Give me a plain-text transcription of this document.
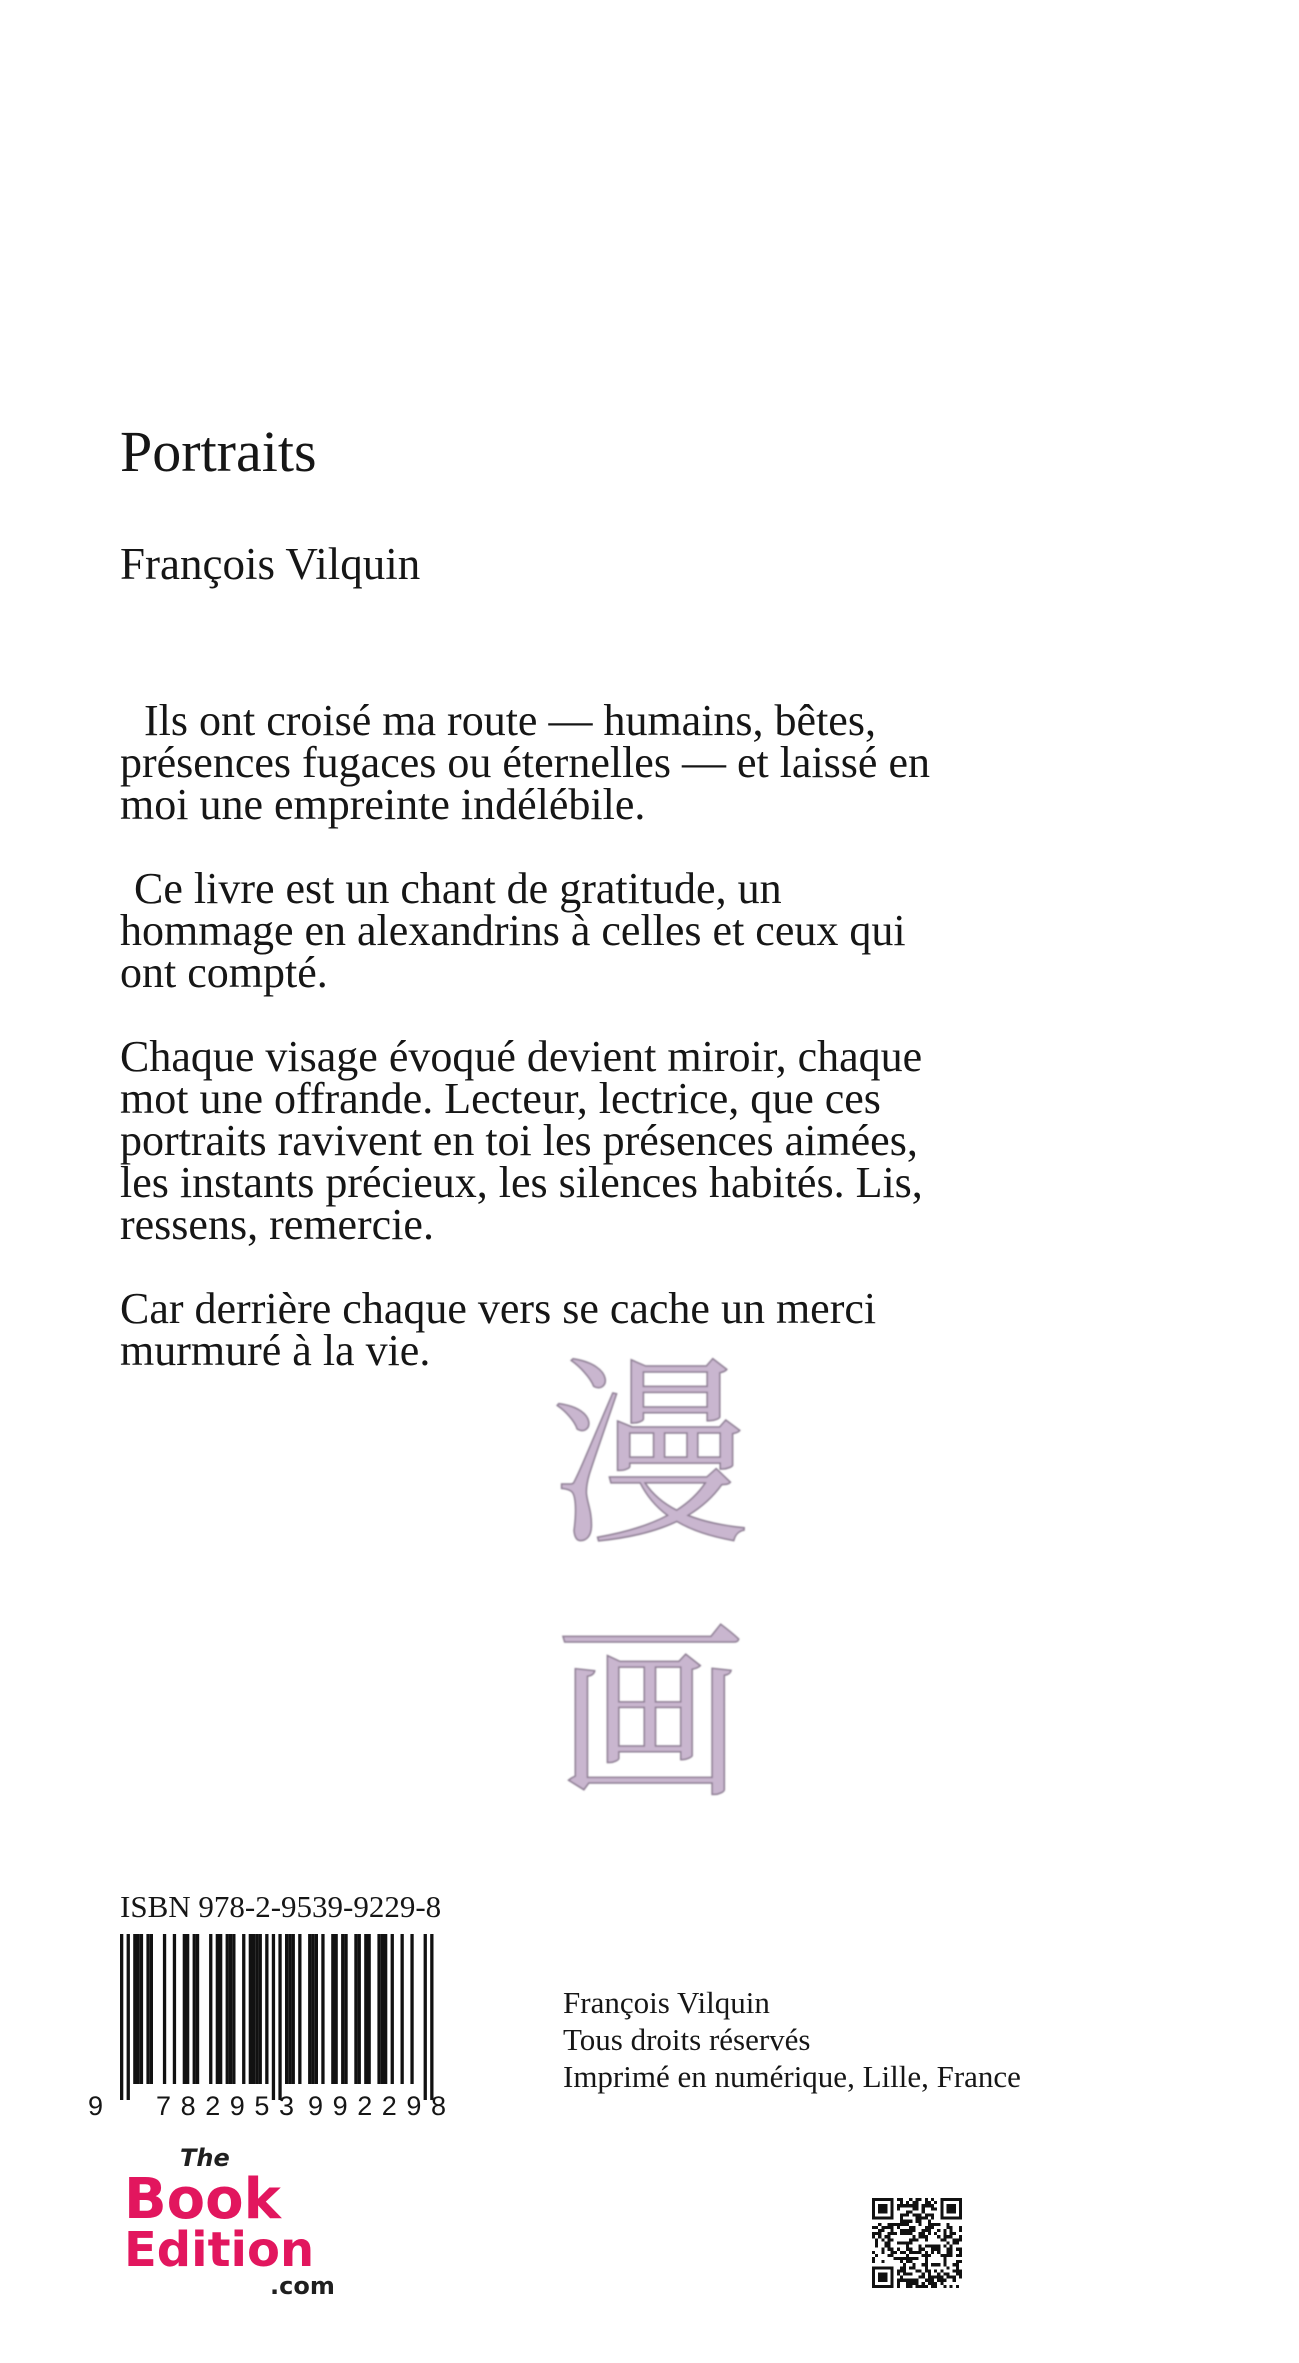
Portraits
François Vilquin

Ils ont croisé ma route — humains, bêtes, présences fugaces ou éternelles — et laissé en moi une empreinte indélébile.

Ce livre est un chant de gratitude, un hommage en alexandrins à celles et ceux qui ont compté.

Chaque visage évoqué devient miroir, chaque mot une offrande. Lecteur, lectrice, que ces portraits ravivent en toi les présences aimées, les instants précieux, les silences habités. Lis, ressens, remercie.

Car derrière chaque vers se cache un merci murmuré à la vie. 漫
画
ISBN 978-2-9539-9229-8
9 782953 992298
François Vilquin
Tous droits réservés
Imprimé en numérique, Lille, France
The
Book
Edition
.com
